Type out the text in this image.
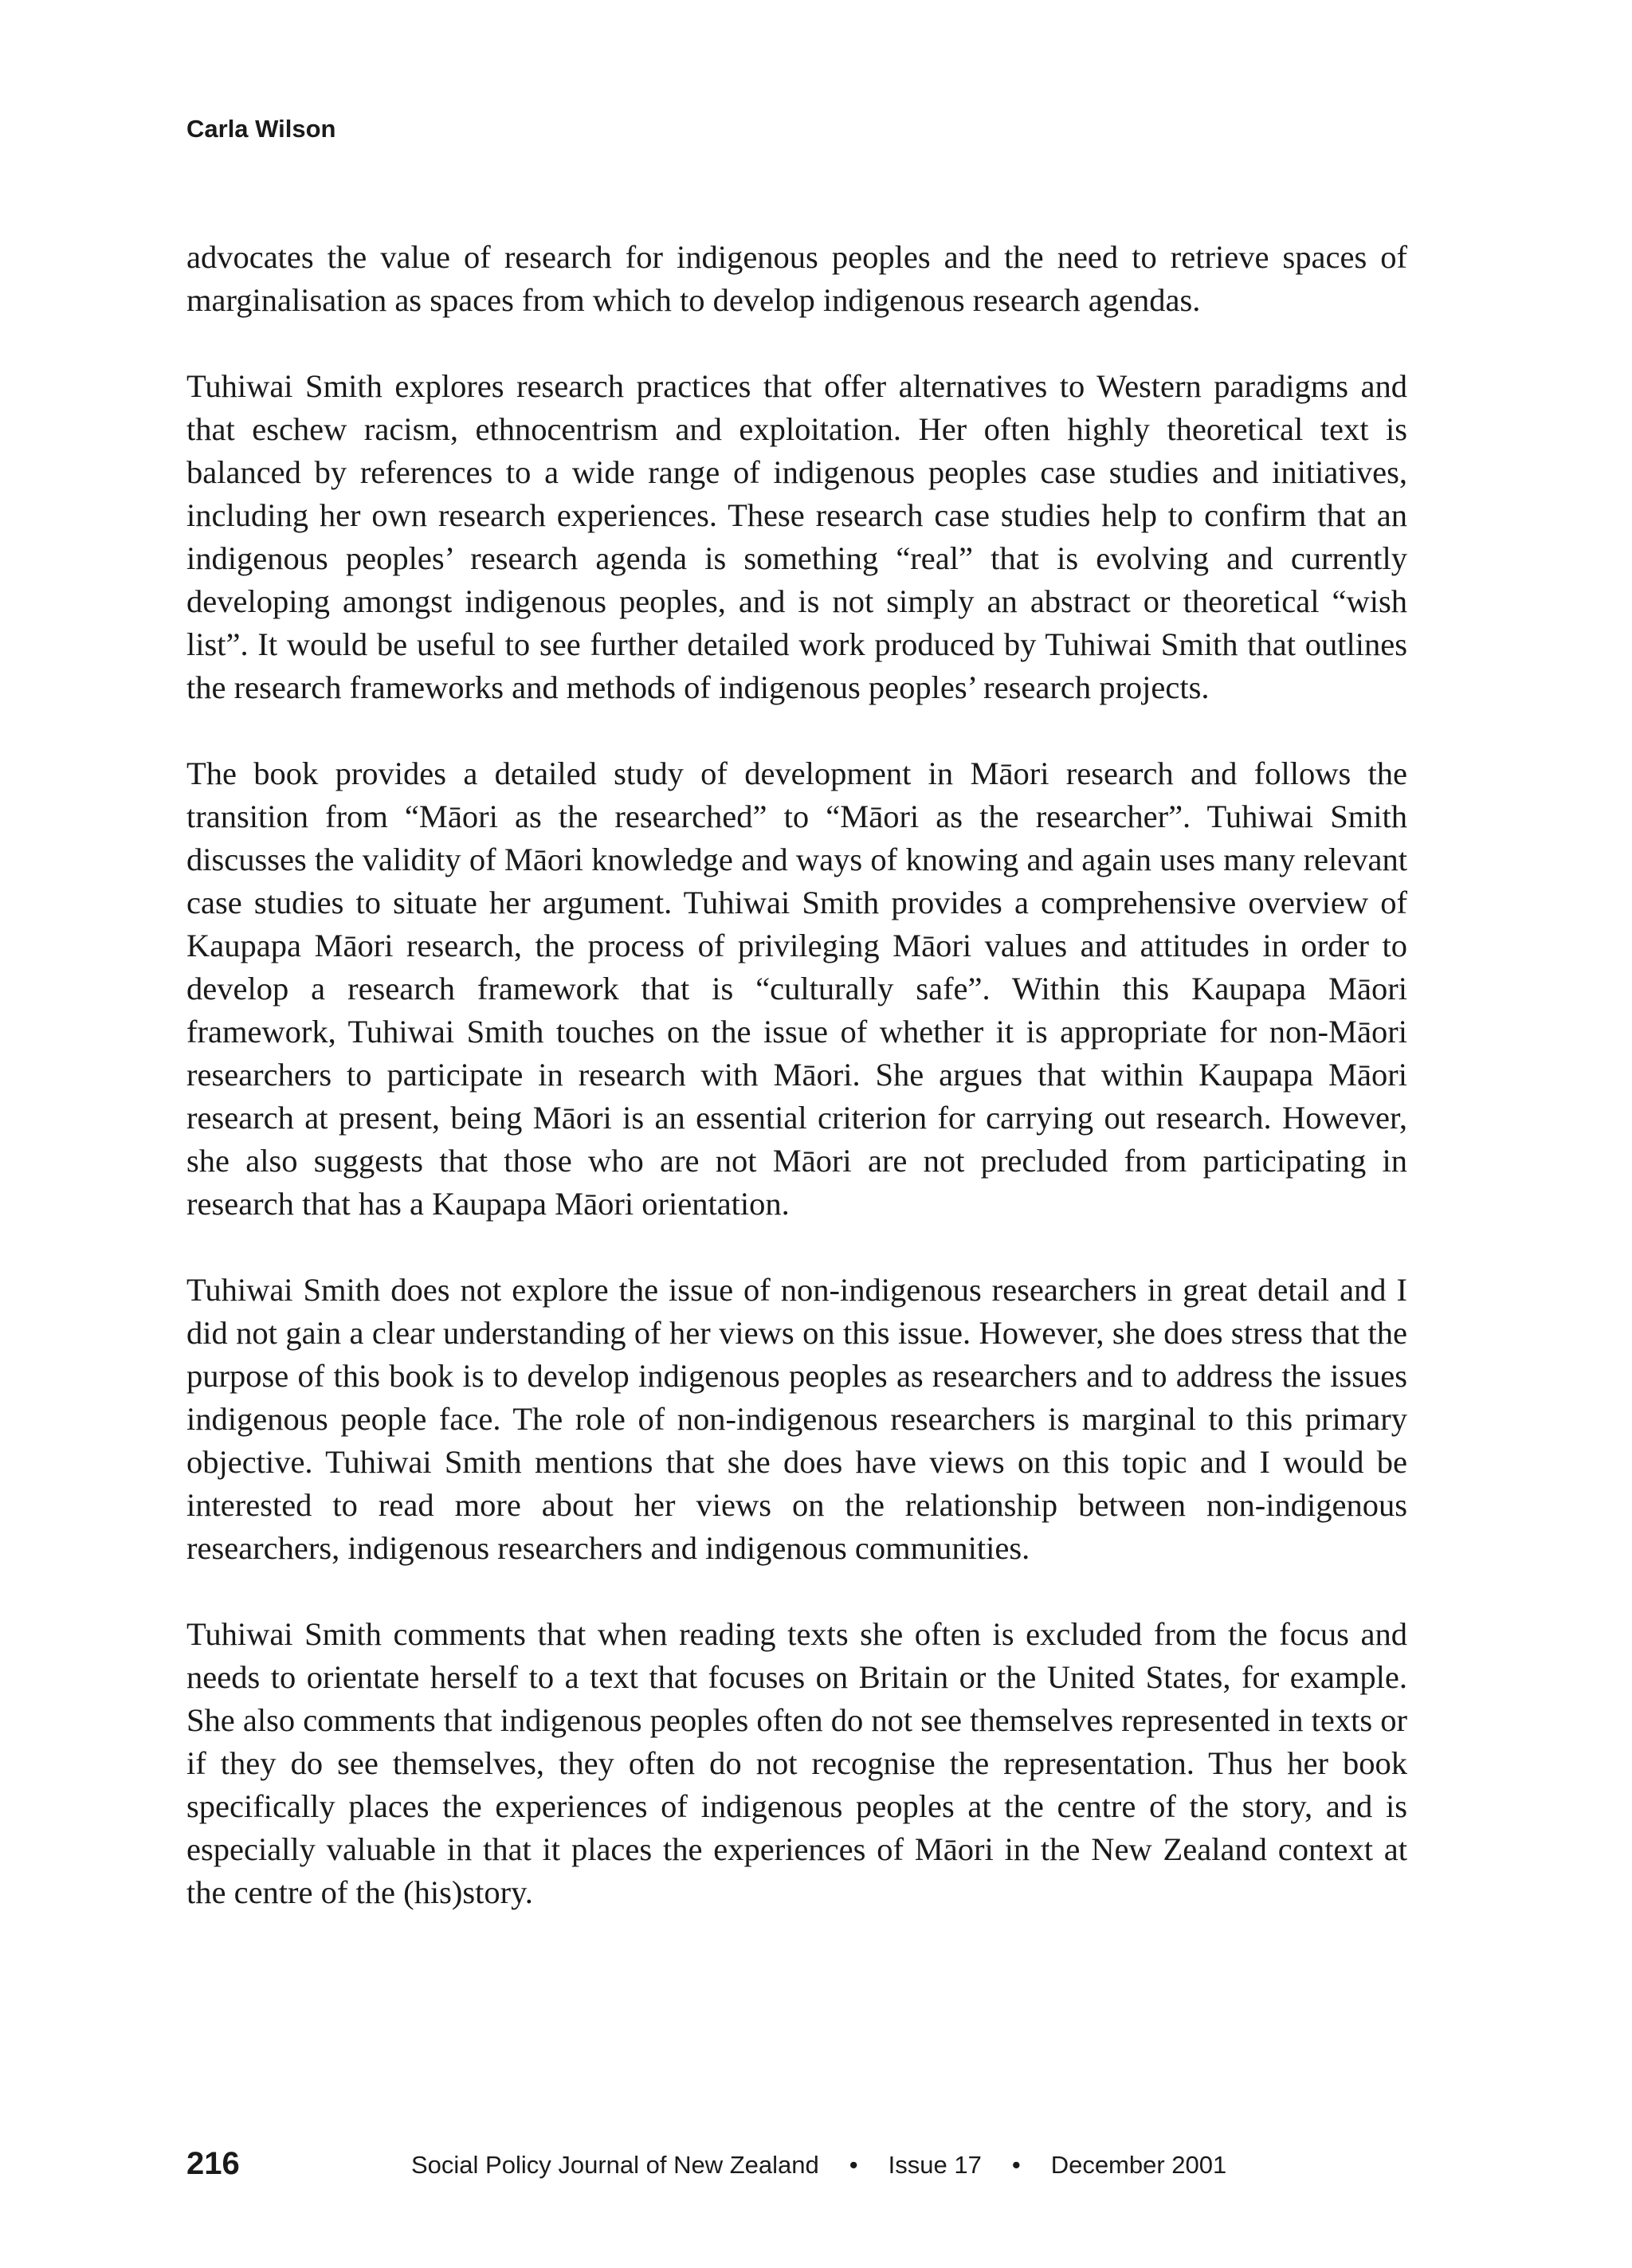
Carla Wilson

advocates the value of research for indigenous peoples and the need to retrieve spaces of marginalisation as spaces from which to develop indigenous research agendas.

Tuhiwai Smith explores research practices that offer alternatives to Western paradigms and that eschew racism, ethnocentrism and exploitation. Her often highly theoretical text is balanced by references to a wide range of indigenous peoples case studies and initiatives, including her own research experiences. These research case studies help to confirm that an indigenous peoples’ research agenda is something “real” that is evolving and currently developing amongst indigenous peoples, and is not simply an abstract or theoretical “wish list”. It would be useful to see further detailed work produced by Tuhiwai Smith that outlines the research frameworks and methods of indigenous peoples’ research projects.

The book provides a detailed study of development in Māori research and follows the transition from “Māori as the researched” to “Māori as the researcher”. Tuhiwai Smith discusses the validity of Māori knowledge and ways of knowing and again uses many relevant case studies to situate her argument. Tuhiwai Smith provides a comprehensive overview of Kaupapa Māori research, the process of privileging Māori values and attitudes in order to develop a research framework that is “culturally safe”. Within this Kaupapa Māori framework, Tuhiwai Smith touches on the issue of whether it is appropriate for non-Māori researchers to participate in research with Māori. She argues that within Kaupapa Māori research at present, being Māori is an essential criterion for carrying out research. However, she also suggests that those who are not Māori are not precluded from participating in research that has a Kaupapa Māori orientation.

Tuhiwai Smith does not explore the issue of non-indigenous researchers in great detail and I did not gain a clear understanding of her views on this issue. However, she does stress that the purpose of this book is to develop indigenous peoples as researchers and to address the issues indigenous people face. The role of non-indigenous researchers is marginal to this primary objective. Tuhiwai Smith mentions that she does have views on this topic and I would be interested to read more about her views on the relationship between non-indigenous researchers, indigenous researchers and indigenous communities.

Tuhiwai Smith comments that when reading texts she often is excluded from the focus and needs to orientate herself to a text that focuses on Britain or the United States, for example. She also comments that indigenous peoples often do not see themselves represented in texts or if they do see themselves, they often do not recognise the representation. Thus her book specifically places the experiences of indigenous peoples at the centre of the story, and is especially valuable in that it places the experiences of Māori in the New Zealand context at the centre of the (his)story.

216	Social Policy Journal of New Zealand • Issue 17 • December 2001
